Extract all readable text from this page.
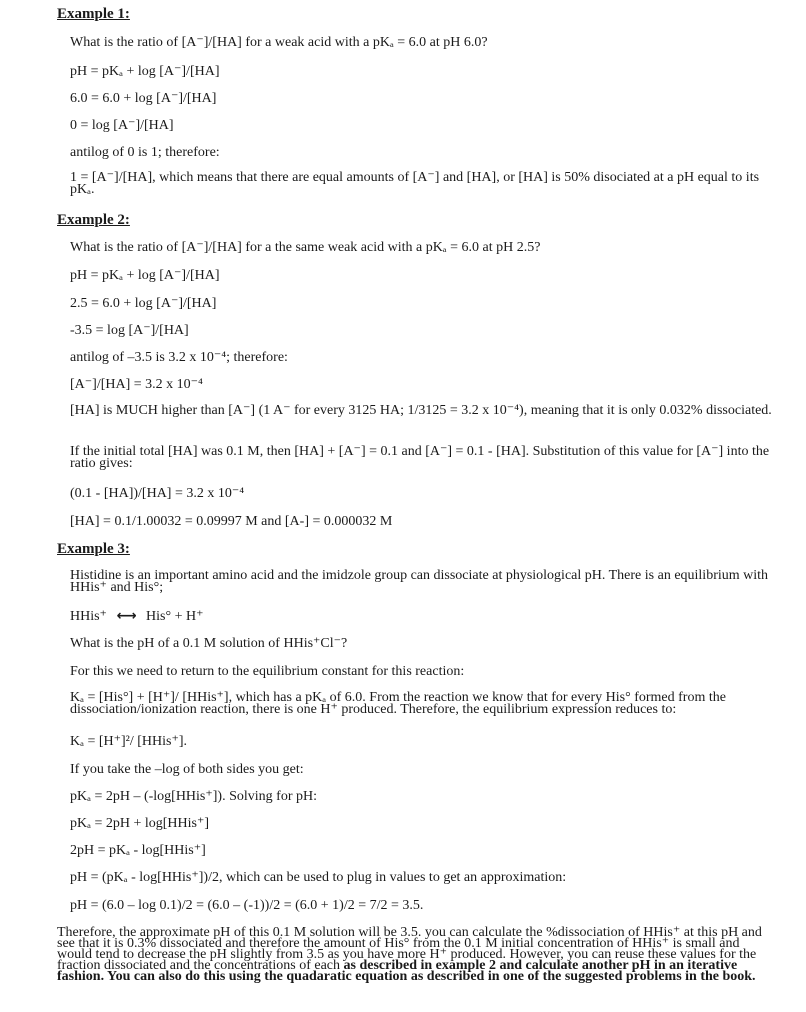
Example 1:
What is the ratio of [A⁻]/[HA] for a weak acid with a pKₐ = 6.0 at pH 6.0?
pH = pKₐ + log [A⁻]/[HA]
6.0 = 6.0 + log [A⁻]/[HA]
0 = log [A⁻]/[HA]
antilog of 0 is 1; therefore:
1 = [A⁻]/[HA], which means that there are equal amounts of [A⁻] and [HA], or [HA] is 50% disociated at a pH equal to its pKₐ.
Example 2:
What is the ratio of [A⁻]/[HA] for a the same weak acid with a pKₐ = 6.0 at pH 2.5?
pH = pKₐ + log [A⁻]/[HA]
2.5 = 6.0 + log [A⁻]/[HA]
-3.5 = log [A⁻]/[HA]
antilog of –3.5 is 3.2 x 10⁻⁴; therefore:
[A⁻]/[HA] = 3.2 x 10⁻⁴
[HA] is MUCH higher than [A⁻] (1 A⁻ for every 3125 HA; 1/3125 = 3.2 x 10⁻⁴), meaning that it is only 0.032% dissociated.
If the initial total [HA] was 0.1 M, then [HA] + [A⁻] = 0.1 and [A⁻] = 0.1 - [HA]. Substitution of this value for [A⁻] into the ratio gives:
(0.1 - [HA])/[HA] = 3.2 x 10⁻⁴
[HA] = 0.1/1.00032 = 0.09997 M and [A-] = 0.000032 M
Example 3:
Histidine is an important amino acid and the imidzole group can dissociate at physiological pH. There is an equilibrium with HHis⁺ and His°;
HHis⁺ ⟷ His° + H⁺
What is the pH of a 0.1 M solution of HHis⁺Cl⁻?
For this we need to return to the equilibrium constant for this reaction:
Kₐ = [His°] + [H⁺]/ [HHis⁺], which has a pKₐ of 6.0. From the reaction we know that for every His° formed from the dissociation/ionization reaction, there is one H⁺ produced. Therefore, the equilibrium expression reduces to:
Kₐ = [H⁺]²/ [HHis⁺].
If you take the –log of both sides you get:
pKₐ = 2pH – (-log[HHis⁺]). Solving for pH:
pKₐ = 2pH + log[HHis⁺]
2pH = pKₐ - log[HHis⁺]
pH = (pKₐ - log[HHis⁺])/2, which can be used to plug in values to get an approximation:
pH = (6.0 – log 0.1)/2 = (6.0 – (-1))/2 = (6.0 + 1)/2 = 7/2 = 3.5.
Therefore, the approximate pH of this 0.1 M solution will be 3.5. you can calculate the %dissociation of HHis⁺ at this pH and see that it is 0.3% dissociated and therefore the amount of His° from the 0.1 M initial concentration of HHis⁺ is small and would tend to decrease the pH slightly from 3.5 as you have more H⁺ produced. However, you can reuse these values for the fraction dissociated and the concentrations of each as described in example 2 and calculate another pH in an iterative fashion. You can also do this using the quadaratic equation as described in one of the suggested problems in the book.
